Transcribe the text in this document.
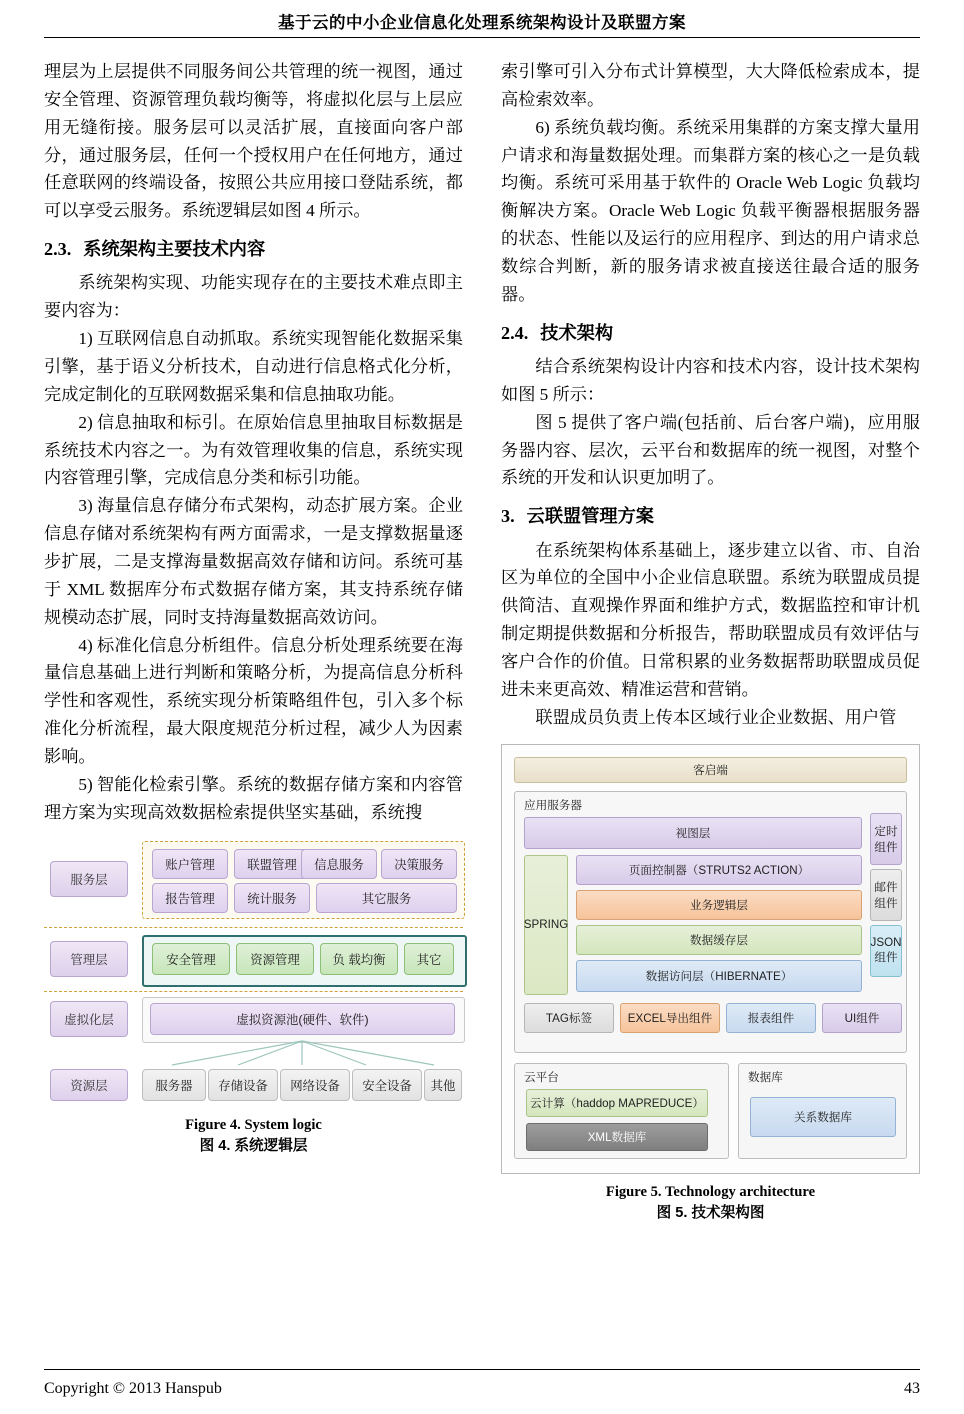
基于云的中小企业信息化处理系统架构设计及联盟方案

理层为上层提供不同服务间公共管理的统一视图，通过安全管理、资源管理负载均衡等，将虚拟化层与上层应用无缝衔接。服务层可以灵活扩展，直接面向客户部分，通过服务层，任何一个授权用户在任何地方，通过任意联网的终端设备，按照公共应用接口登陆系统，都可以享受云服务。系统逻辑层如图 4 所示。

2.3. 系统架构主要技术内容

系统架构实现、功能实现存在的主要技术难点即主要内容为：

1) 互联网信息自动抓取。系统实现智能化数据采集引擎，基于语义分析技术，自动进行信息格式化分析，完成定制化的互联网数据采集和信息抽取功能。

2) 信息抽取和标引。在原始信息里抽取目标数据是系统技术内容之一。为有效管理收集的信息，系统实现内容管理引擎，完成信息分类和标引功能。

3) 海量信息存储分布式架构，动态扩展方案。企业信息存储对系统架构有两方面需求，一是支撑数据量逐步扩展，二是支撑海量数据高效存储和访问。系统可基于 XML 数据库分布式数据存储方案，其支持系统存储规模动态扩展，同时支持海量数据高效访问。

4) 标准化信息分析组件。信息分析处理系统要在海量信息基础上进行判断和策略分析，为提高信息分析科学性和客观性，系统实现分析策略组件包，引入多个标准化分析流程，最大限度规范分析过程，减少人为因素影响。

5) 智能化检索引擎。系统的数据存储方案和内容管理方案为实现高效数据检索提供坚实基础，系统搜

服务层
账户管理	联盟管理	信息服务	决策服务
报告管理	统计服务	其它服务
管理层	安全管理	资源管理	负 载均衡	其它
虚拟化层	虚拟资源池(硬件、软件)
资源层	服务器	存储设备	网络设备	安全设备	其他
Figure 4. System logic
图 4. 系统逻辑层

索引擎可引入分布式计算模型，大大降低检索成本，提高检索效率。

6) 系统负载均衡。系统采用集群的方案支撑大量用户请求和海量数据处理。而集群方案的核心之一是负载均衡。系统可采用基于软件的 Oracle Web Logic 负载均衡解决方案。Oracle Web Logic 负载平衡器根据服务器的状态、性能以及运行的应用程序、到达的用户请求总数综合判断，新的服务请求被直接送往最合适的服务器。

2.4. 技术架构

结合系统架构设计内容和技术内容，设计技术架构如图 5 所示：

图 5 提供了客户端(包括前、后台客户端)，应用服务器内容、层次，云平台和数据库的统一视图，对整个系统的开发和认识更加明了。

3. 云联盟管理方案

在系统架构体系基础上，逐步建立以省、市、自治区为单位的全国中小企业信息联盟。系统为联盟成员提供简洁、直观操作界面和维护方式，数据监控和审计机制定期提供数据和分析报告，帮助联盟成员有效评估与客户合作的价值。日常积累的业务数据帮助联盟成员促进未来更高效、精准运营和营销。

联盟成员负责上传本区域行业企业数据、用户管

客启端
应用服务器
视图层
SPRING
页面控制器（STRUTS2 ACTION）
业务逻辑层
数据缓存层
数据访问层（HIBERNATE）
定时组件
邮件组件
JSON组件
TAG标签	EXCEL导出组件	报表组件	UI组件
云平台
云计算（haddop MAPREDUCE）
XML数据库
数据库
关系数据库
Figure 5. Technology architecture
图 5. 技术架构图
Copyright © 2013 Hanspub	43
